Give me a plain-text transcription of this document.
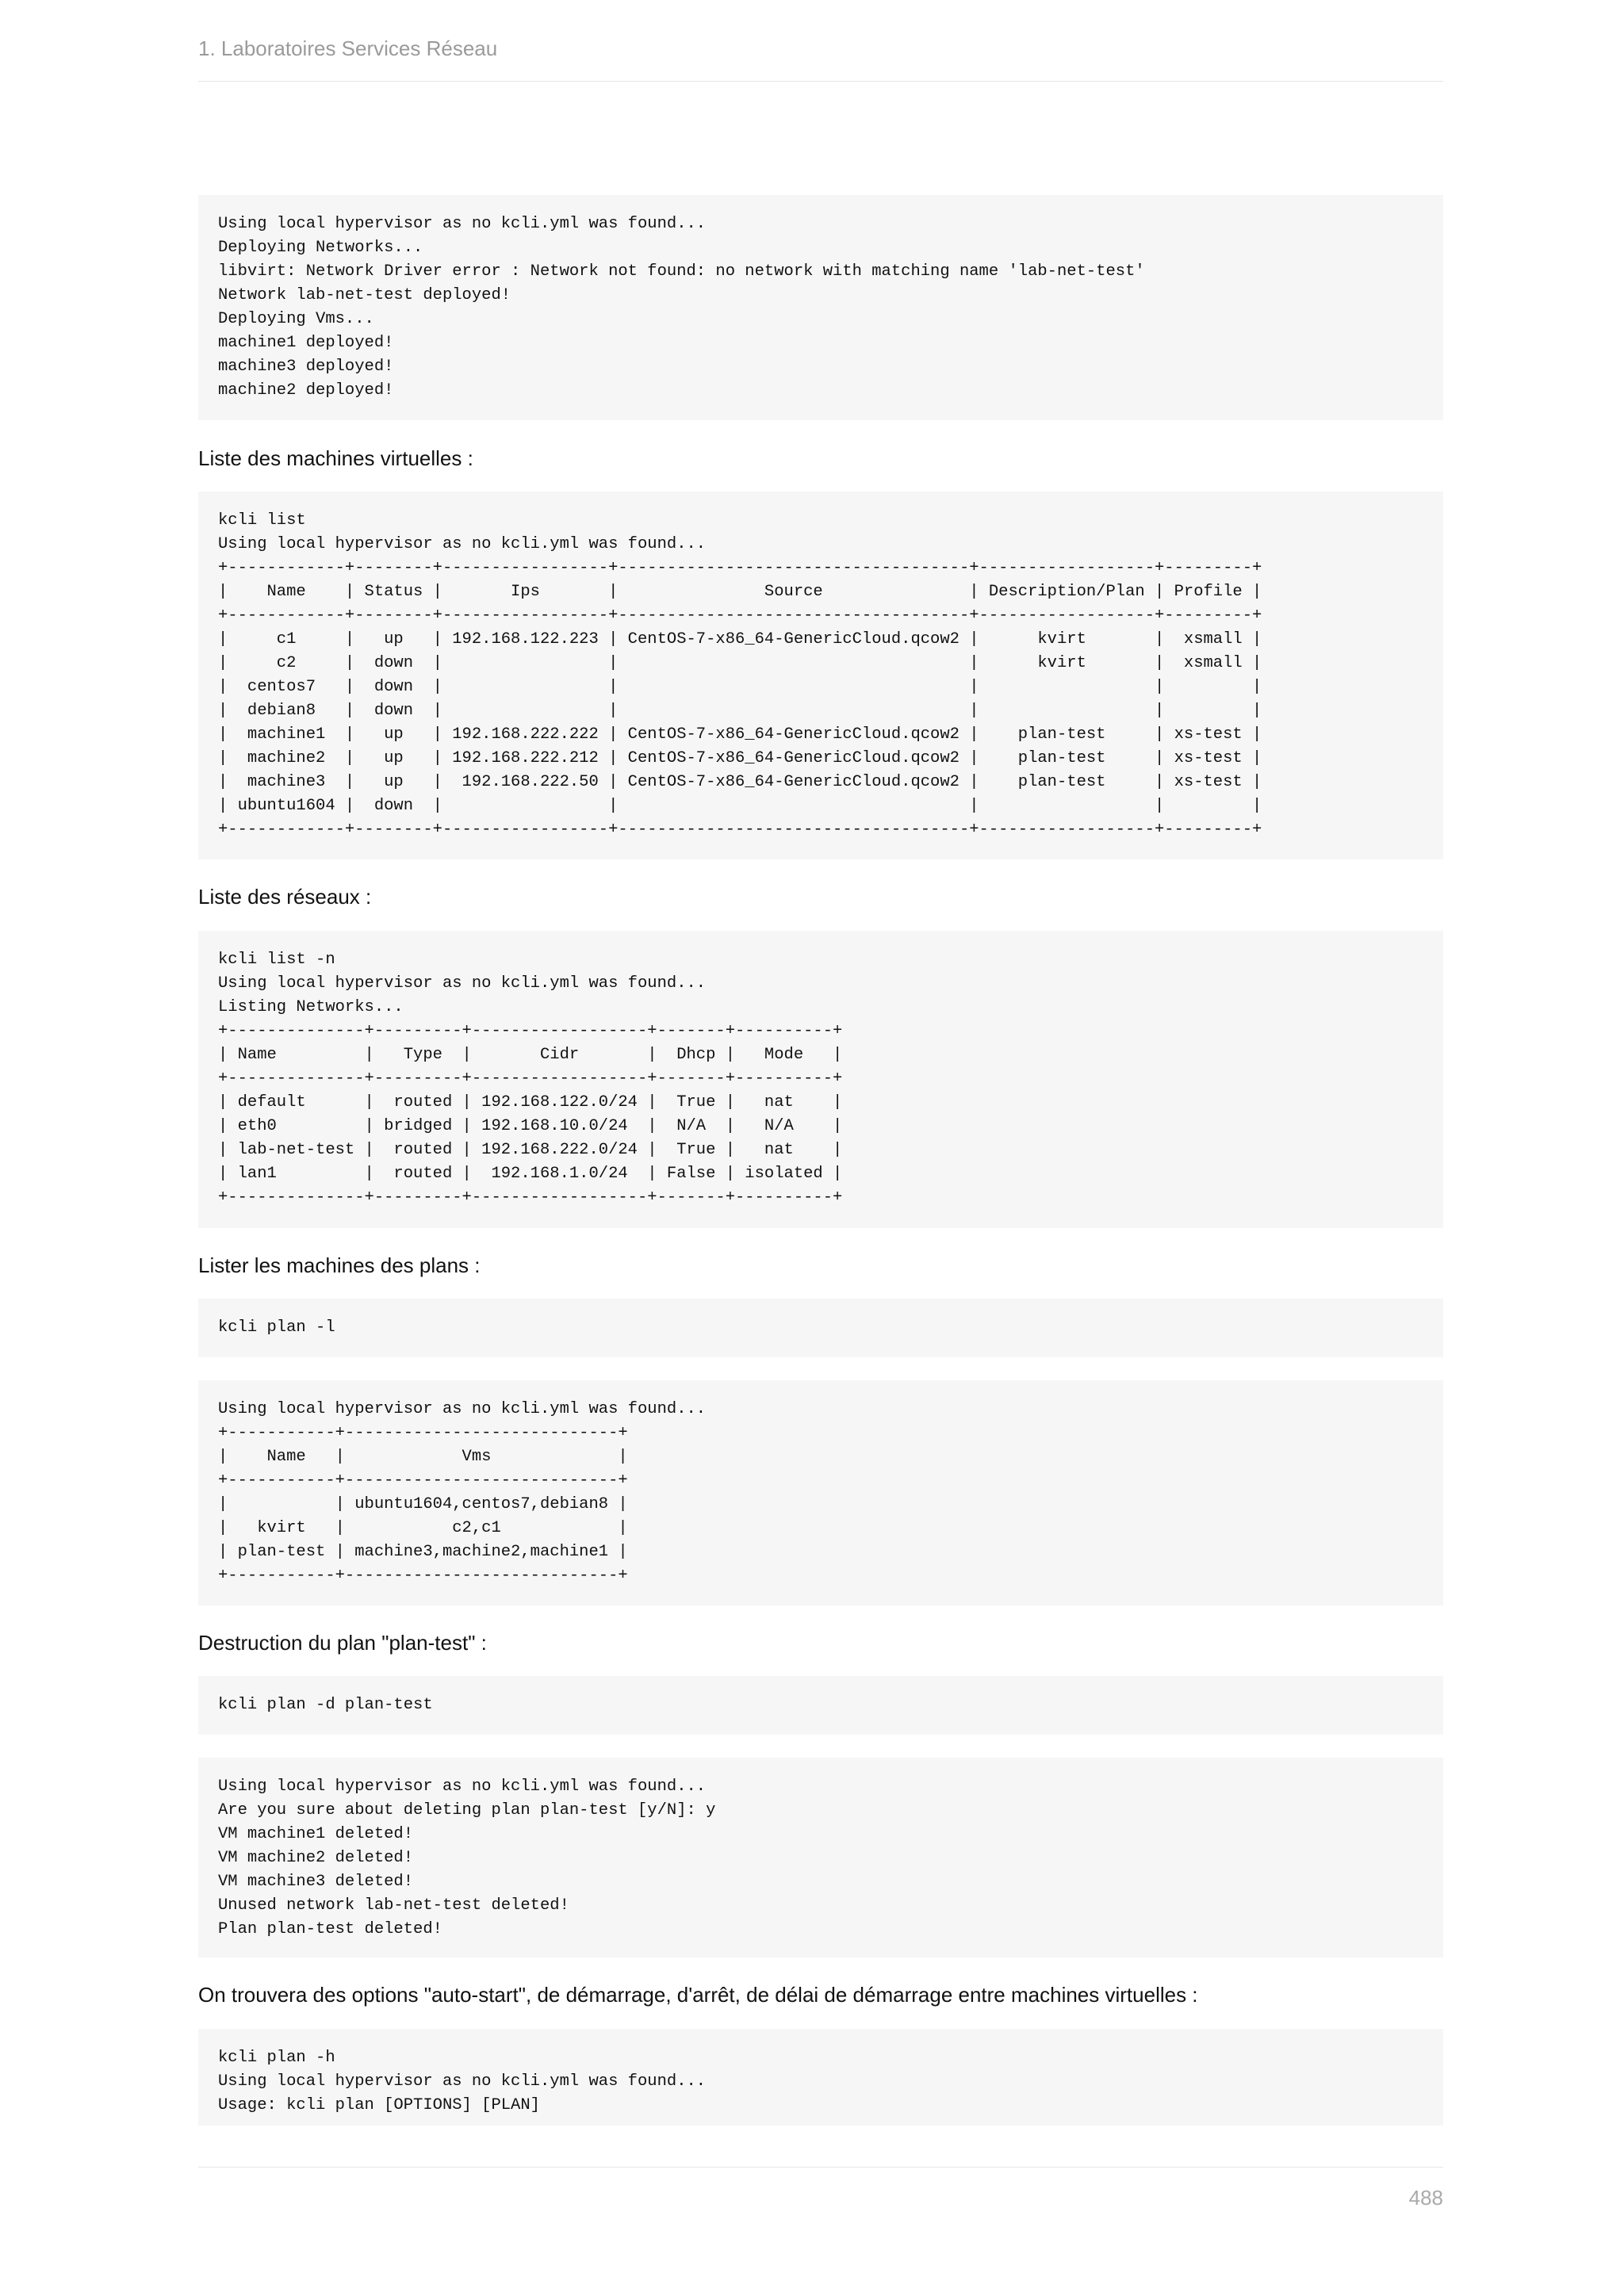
1. Laboratoires Services Réseau
Using local hypervisor as no kcli.yml was found...
Deploying Networks...
libvirt: Network Driver error : Network not found: no network with matching name 'lab-net-test'
Network lab-net-test deployed!
Deploying Vms...
machine1 deployed!
machine3 deployed!
machine2 deployed!
Liste des machines virtuelles :
kcli list
Using local hypervisor as no kcli.yml was found...
+------------+--------+-----------------+------------------------------------+------------------+---------+
|    Name    | Status |       Ips       |               Source               | Description/Plan | Profile |
+------------+--------+-----------------+------------------------------------+------------------+---------+
|     c1     |   up   | 192.168.122.223 | CentOS-7-x86_64-GenericCloud.qcow2 |      kvirt       |  xsmall |
|     c2     |  down  |                 |                                    |      kvirt       |  xsmall |
|  centos7   |  down  |                 |                                    |                  |         |
|  debian8   |  down  |                 |                                    |                  |         |
|  machine1  |   up   | 192.168.222.222 | CentOS-7-x86_64-GenericCloud.qcow2 |    plan-test     | xs-test |
|  machine2  |   up   | 192.168.222.212 | CentOS-7-x86_64-GenericCloud.qcow2 |    plan-test     | xs-test |
|  machine3  |   up   |  192.168.222.50 | CentOS-7-x86_64-GenericCloud.qcow2 |    plan-test     | xs-test |
| ubuntu1604 |  down  |                 |                                    |                  |         |
+------------+--------+-----------------+------------------------------------+------------------+---------+
Liste des réseaux :
kcli list -n
Using local hypervisor as no kcli.yml was found...
Listing Networks...
+--------------+---------+------------------+-------+----------+
| Name         |   Type  |       Cidr       |  Dhcp |   Mode   |
+--------------+---------+------------------+-------+----------+
| default      |  routed | 192.168.122.0/24 |  True |   nat    |
| eth0         | bridged | 192.168.10.0/24  |  N/A  |   N/A    |
| lab-net-test |  routed | 192.168.222.0/24 |  True |   nat    |
| lan1         |  routed |  192.168.1.0/24  | False | isolated |
+--------------+---------+------------------+-------+----------+
Lister les machines des plans :
kcli plan -l
Using local hypervisor as no kcli.yml was found...
+-----------+----------------------------+
|    Name   |            Vms             |
+-----------+----------------------------+
|           | ubuntu1604,centos7,debian8 |
|   kvirt   |           c2,c1            |
| plan-test | machine3,machine2,machine1 |
+-----------+----------------------------+
Destruction du plan "plan-test" :
kcli plan -d plan-test
Using local hypervisor as no kcli.yml was found...
Are you sure about deleting plan plan-test [y/N]: y
VM machine1 deleted!
VM machine2 deleted!
VM machine3 deleted!
Unused network lab-net-test deleted!
Plan plan-test deleted!
On trouvera des options "auto-start", de démarrage, d'arrêt, de délai de démarrage entre machines virtuelles :
kcli plan -h
Using local hypervisor as no kcli.yml was found...
Usage: kcli plan [OPTIONS] [PLAN]
488
